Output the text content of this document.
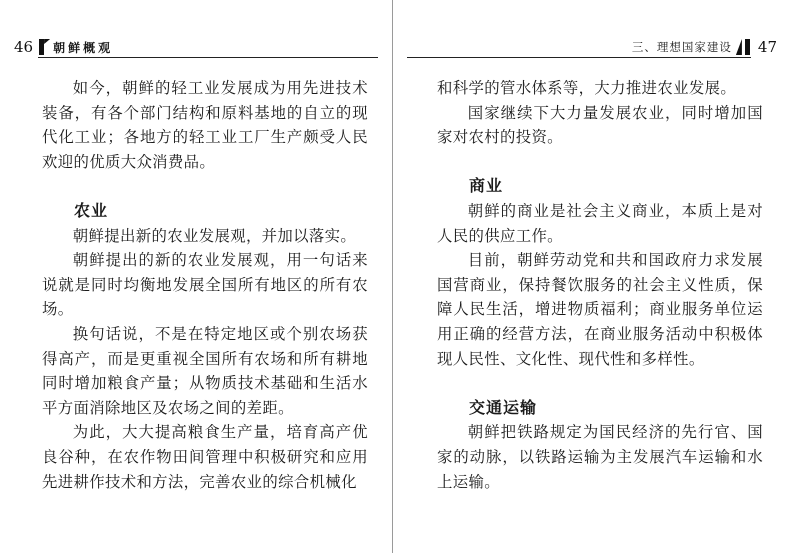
46 朝鲜概观

如今，朝鲜的轻工业发展成为用先进技术装备，有各个部门结构和原料基地的自立的现代化工业；各地方的轻工业工厂生产颇受人民欢迎的优质大众消费品。

农业

朝鲜提出新的农业发展观，并加以落实。

朝鲜提出的新的农业发展观，用一句话来说就是同时均衡地发展全国所有地区的所有农场。

换句话说，不是在特定地区或个别农场获得高产，而是更重视全国所有农场和所有耕地同时增加粮食产量；从物质技术基础和生活水平方面消除地区及农场之间的差距。

为此，大大提高粮食生产量，培育高产优良谷种，在农作物田间管理中积极研究和应用先进耕作技术和方法，完善农业的综合机械化

三、理想国家建设 47

和科学的管水体系等，大力推进农业发展。

国家继续下大力量发展农业，同时增加国家对农村的投资。

商业

朝鲜的商业是社会主义商业，本质上是对人民的供应工作。

目前，朝鲜劳动党和共和国政府力求发展国营商业，保持餐饮服务的社会主义性质，保障人民生活，增进物质福利；商业服务单位运用正确的经营方法，在商业服务活动中积极体现人民性、文化性、现代性和多样性。

交通运输

朝鲜把铁路规定为国民经济的先行官、国家的动脉，以铁路运输为主发展汽车运输和水上运输。
